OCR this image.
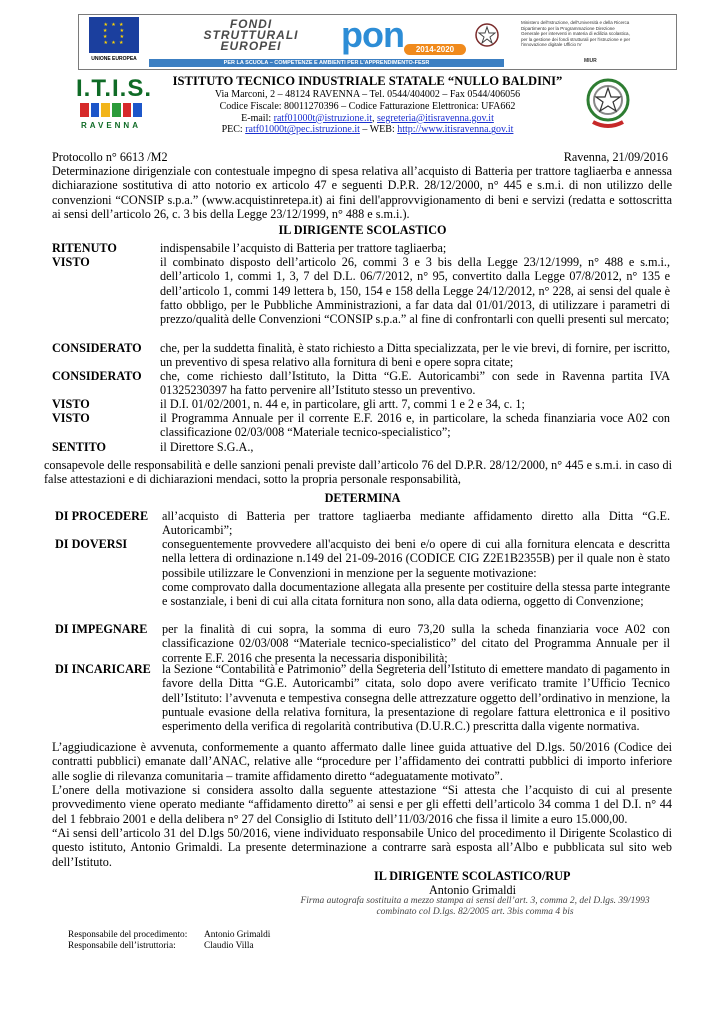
★ ★ ★
★     ★
★     ★
★ ★ ★
UNIONE EUROPEA
FONDI
STRUTTURALI
EUROPEI	pon	2014-2020
Ministero dell'Istruzione, dell'Università e della Ricerca Dipartimento per la Programmazione Direzione Generale per interventi in materia di edilizia scolastica, per la gestione dei fondi strutturali per l'istruzione e per l'innovazione digitale Ufficio IV
MIUR
PER LA SCUOLA – COMPETENZE E AMBIENTI PER L'APPRENDIMENTO-FESR
I.T.I.S.
RAVENNA
ISTITUTO TECNICO INDUSTRIALE STATALE “NULLO BALDINI”
Via Marconi, 2 – 48124 RAVENNA – Tel. 0544/404002 – Fax 0544/406056
Codice Fiscale: 80011270396 – Codice Fatturazione Elettronica: UFA662
E-mail: ratf01000t@istruzione.it, segreteria@itisravenna.gov.it
PEC: ratf01000t@pec.istruzione.it – WEB: http://www.itisravenna.gov.it
Protocollo n° 6613 /M2	Ravenna, 21/09/2016
Determinazione dirigenziale con contestuale impegno di spesa relativa all’acquisto di Batteria per trattore tagliaerba e annessa dichiarazione sostitutiva di atto notorio ex articolo 47 e seguenti D.P.R. 28/12/2000, n° 445 e s.m.i. di non utilizzo delle convenzioni “CONSIP s.p.a.” (www.acquistinretepa.it) ai fini dell'approvvigionamento di beni e servizi (redatta e sottoscritta ai sensi dell’articolo 26, c. 3 bis della Legge 23/12/1999, n° 488 e s.m.i.).
IL DIRIGENTE SCOLASTICO
RITENUTO	indispensabile l’acquisto di Batteria per trattore tagliaerba;
VISTO	il combinato disposto dell’articolo 26, commi 3 e 3 bis della Legge 23/12/1999, n° 488 e s.m.i., dell’articolo 1, commi 1, 3, 7 del D.L. 06/7/2012, n° 95, convertito dalla Legge 07/8/2012, n° 135 e dell’articolo 1, commi 149 lettera b, 150, 154 e 158 della Legge 24/12/2012, n° 228, ai sensi del quale è fatto obbligo, per le Pubbliche Amministrazioni, a far data dal 01/01/2013, di utilizzare i parametri di prezzo/qualità delle Convenzioni “CONSIP s.p.a.” al fine di confrontarli con quelli presenti sul mercato;
CONSIDERATO che, per la suddetta finalità, è stato richiesto a Ditta specializzata, per le vie brevi, di fornire, per iscritto, un preventivo di spesa relativo alla fornitura di beni e opere sopra citate;
CONSIDERATO che, come richiesto dall’Istituto, la Ditta “G.E. Autoricambi” con sede in Ravenna partita IVA 01325230397 ha fatto pervenire all’Istituto stesso un preventivo.
VISTO	il D.I. 01/02/2001, n. 44 e, in particolare, gli artt. 7, commi 1 e 2 e 34, c. 1;
VISTO	il Programma Annuale per il corrente E.F. 2016 e, in particolare, la scheda finanziaria voce A02 con classificazione 02/03/008 “Materiale tecnico-specialistico”;
SENTITO	il Direttore S.G.A.,
consapevole delle responsabilità e delle sanzioni penali previste dall’articolo 76 del D.P.R. 28/12/2000, n° 445 e s.m.i. in caso di false attestazioni e di dichiarazioni mendaci, sotto la propria personale responsabilità,
DETERMINA
DI PROCEDERE all’acquisto di Batteria per trattore tagliaerba mediante affidamento diretto alla Ditta “G.E. Autoricambi”;
DI DOVERSI	conseguentemente provvedere all'acquisto dei beni e/o opere di cui alla fornitura elencata e descritta nella lettera di ordinazione n.149 del 21-09-2016 (CODICE CIG Z2E1B2355B) per il quale non è stato possibile utilizzare le Convenzioni in menzione per la seguente motivazione:
come comprovato dalla documentazione allegata alla presente per costituire della stessa parte integrante e sostanziale, i beni di cui alla citata fornitura non sono, alla data odierna, oggetto di Convenzione;
DI IMPEGNARE per la finalità di cui sopra, la somma di euro 73,20 sulla la scheda finanziaria voce A02 con classificazione 02/03/008 “Materiale tecnico-specialistico” del citato del Programma Annuale per il corrente E.F. 2016 che presenta la necessaria disponibilità;
DI INCARICARE la Sezione “Contabilità e Patrimonio” della Segreteria dell’Istituto di emettere mandato di pagamento in favore della Ditta “G.E. Autoricambi” citata, solo dopo avere verificato tramite l’Ufficio Tecnico dell’Istituto: l’avvenuta e tempestiva consegna delle attrezzature oggetto dell’ordinativo in menzione, la puntuale evasione della relativa fornitura, la presentazione di regolare fattura elettronica e il positivo esperimento della verifica di regolarità contributiva (D.U.R.C.) prescritta dalla vigente normativa.
L’aggiudicazione è avvenuta, conformemente a quanto affermato dalle linee guida attuative del D.lgs. 50/2016 (Codice dei contratti pubblici) emanate dall’ANAC, relative alle “procedure per l’affidamento dei contratti pubblici di importo inferiore alle soglie di rilevanza comunitaria – tramite affidamento diretto “adeguatamente motivato”.
L’onere della motivazione si considera assolto dalla seguente attestazione “Si attesta che l’acquisto di cui al presente provvedimento viene operato mediante “affidamento diretto” ai sensi e per gli effetti dell’articolo 34 comma 1 del D.I. n° 44 del 1 febbraio 2001 e della delibera n° 27 del Consiglio di Istituto dell’11/03/2016 che fissa il limite a euro 15.000,00.
“Ai sensi dell’articolo 31 del D.lgs 50/2016, viene individuato responsabile Unico del procedimento il Dirigente Scolastico di questo istituto, Antonio Grimaldi. La presente determinazione a contrarre sarà esposta all’Albo e pubblicata sul sito web dell’Istituto.
IL DIRIGENTE SCOLASTICO/RUP
Antonio Grimaldi
Firma autografa sostituita a mezzo stampa ai sensi dell’art. 3, comma 2, del D.lgs. 39/1993
combinato col D.lgs. 82/2005 art. 3bis comma 4 bis
Responsabile del procedimento: Antonio Grimaldi
Responsabile dell’istruttoria:	Claudio Villa
